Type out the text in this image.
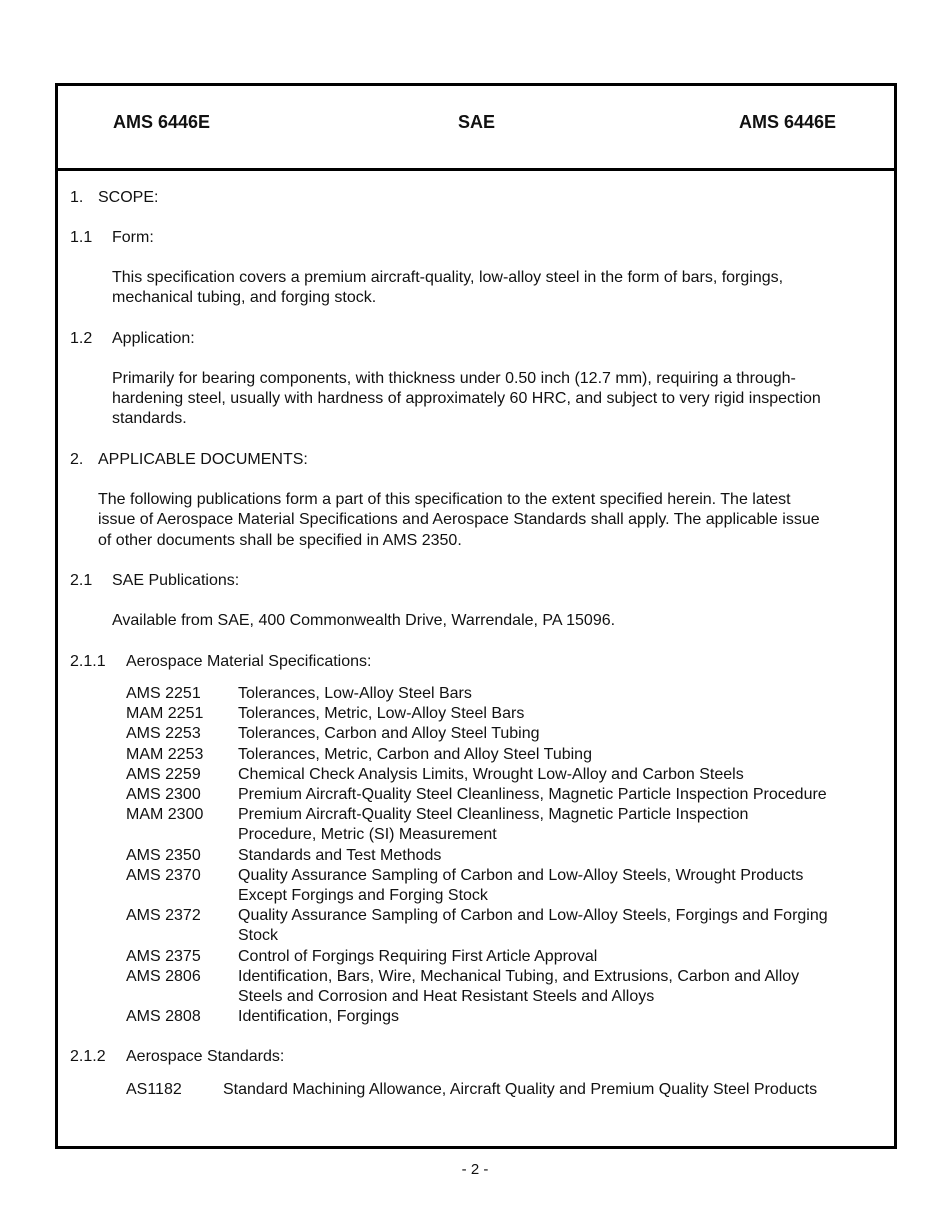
AMS 6446E	SAE	AMS 6446E
1. SCOPE:
1.1 Form:
This specification covers a premium aircraft-quality, low-alloy steel in the form of bars, forgings,
mechanical tubing, and forging stock.
1.2 Application:
Primarily for bearing components, with thickness under 0.50 inch (12.7 mm), requiring a through-
hardening steel, usually with hardness of approximately 60 HRC, and subject to very rigid inspection
standards.
2. APPLICABLE DOCUMENTS:
The following publications form a part of this specification to the extent specified herein. The latest
issue of Aerospace Material Specifications and Aerospace Standards shall apply. The applicable issue
of other documents shall be specified in AMS 2350.
2.1 SAE Publications:
Available from SAE, 400 Commonwealth Drive, Warrendale, PA 15096.
2.1.1 Aerospace Material Specifications:
AMS 2251 Tolerances, Low-Alloy Steel Bars
MAM 2251 Tolerances, Metric, Low-Alloy Steel Bars
AMS 2253 Tolerances, Carbon and Alloy Steel Tubing
MAM 2253 Tolerances, Metric, Carbon and Alloy Steel Tubing
AMS 2259 Chemical Check Analysis Limits, Wrought Low-Alloy and Carbon Steels
AMS 2300 Premium Aircraft-Quality Steel Cleanliness, Magnetic Particle Inspection Procedure
MAM 2300 Premium Aircraft-Quality Steel Cleanliness, Magnetic Particle Inspection
Procedure, Metric (SI) Measurement
AMS 2350 Standards and Test Methods
AMS 2370 Quality Assurance Sampling of Carbon and Low-Alloy Steels, Wrought Products
Except Forgings and Forging Stock
AMS 2372 Quality Assurance Sampling of Carbon and Low-Alloy Steels, Forgings and Forging
Stock
AMS 2375 Control of Forgings Requiring First Article Approval
AMS 2806 Identification, Bars, Wire, Mechanical Tubing, and Extrusions, Carbon and Alloy
Steels and Corrosion and Heat Resistant Steels and Alloys
AMS 2808 Identification, Forgings
2.1.2 Aerospace Standards:
AS1182	Standard Machining Allowance, Aircraft Quality and Premium Quality Steel Products
- 2 -
